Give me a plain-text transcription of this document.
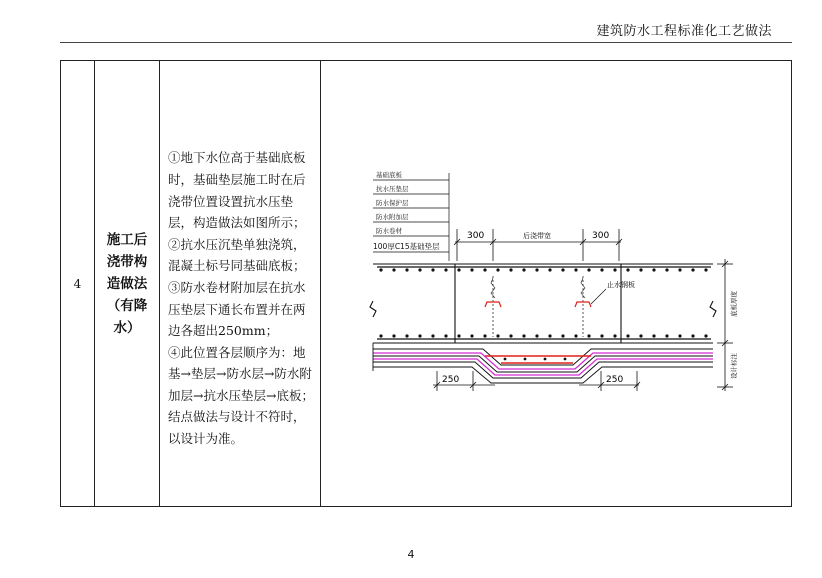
建筑防水工程标准化工艺做法
4	
施工后
浇带构
造做法
（有降
水）

①地下水位高于基础底板时，基础垫层施工时在后浇带位置设置抗水压垫层，构造做法如图所示；

②抗水压沉垫单独浇筑，混凝土标号同基础底板；

③防水卷材附加层在抗水压垫层下通长布置并在两边各超出250mm；

④此位置各层顺序为：地基→垫层→防水层→防水附加层→抗水压垫层→底板；

结点做法与设计不符时，以设计为准。

基础底板
抗水压垫层
防水保护层
防水附加层
防水卷材
100厚C15基础垫层
300	后浇带宽	300
止水钢板
底板厚度
设计标注
250	250
4
